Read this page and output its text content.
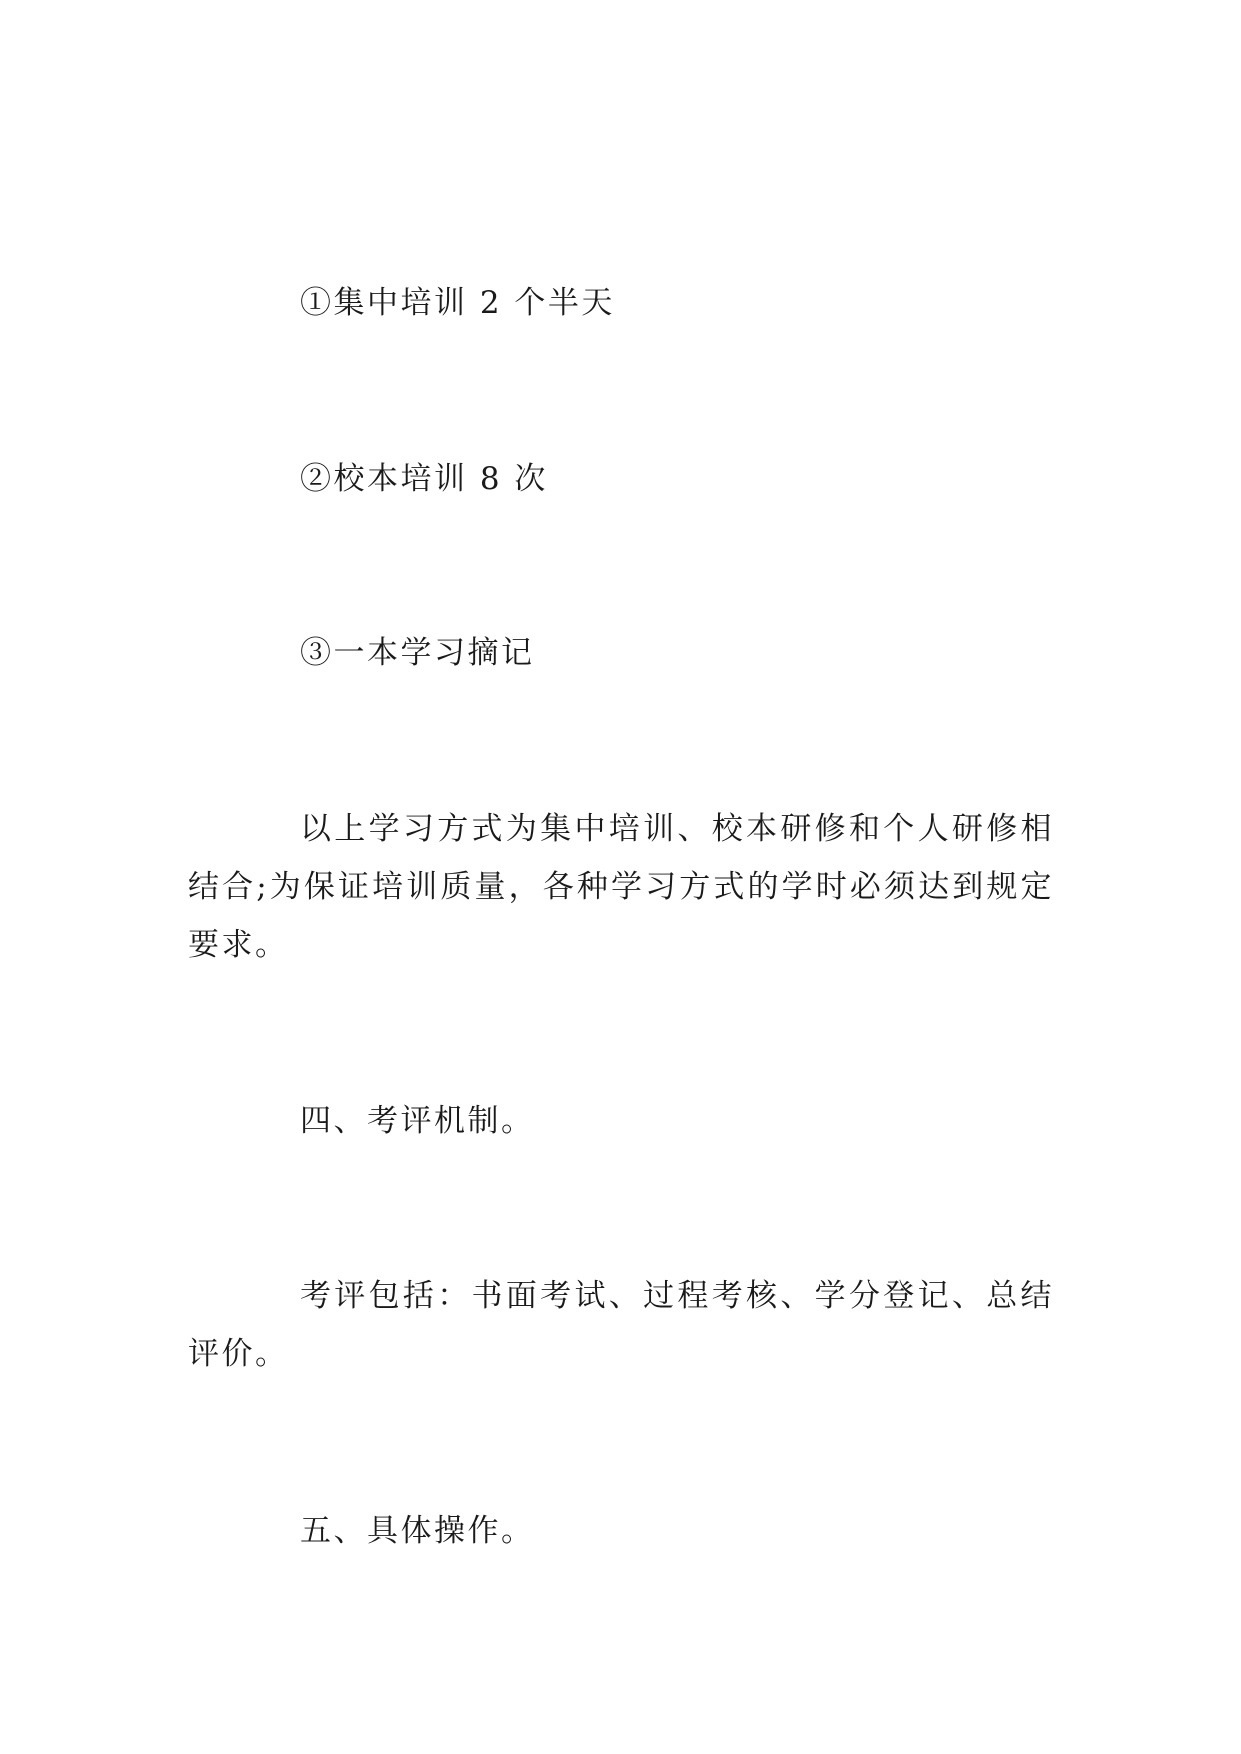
①集中培训 2 个半天

②校本培训 8 次

③一本学习摘记

以上学习方式为集中培训、校本研修和个人研修相结合;为保证培训质量，各种学习方式的学时必须达到规定要求。

四、考评机制。

考评包括：书面考试、过程考核、学分登记、总结评价。

五、具体操作。
